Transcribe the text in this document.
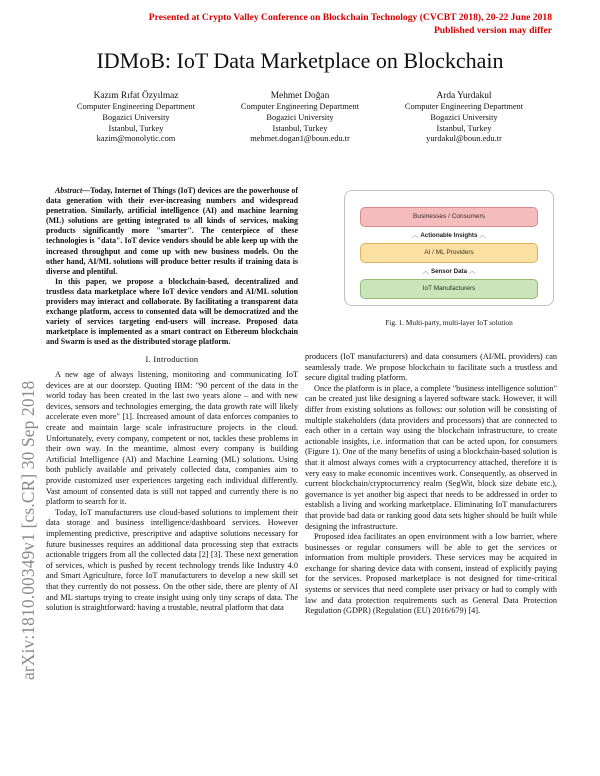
Presented at Crypto Valley Conference on Blockchain Technology (CVCBT 2018), 20-22 June 2018
Published version may differ
IDMoB: IoT Data Marketplace on Blockchain
Kazım Rıfat Özyılmaz
Computer Engineering Department
Bogazici University
Istanbul, Turkey
kazim@monolytic.com
Mehmet Doğan
Computer Engineering Department
Bogazici University
Istanbul, Turkey
mehmet.dogan1@boun.edu.tr
Arda Yurdakul
Computer Engineering Department
Bogazici University
Istanbul, Turkey
yurdakul@boun.edu.tr
arXiv:1810.00349v1 [cs.CR] 30 Sep 2018

Abstract—Today, Internet of Things (IoT) devices are the powerhouse of data generation with their ever-increasing numbers and widespread penetration. Similarly, artificial intelligence (AI) and machine learning (ML) solutions are getting integrated to all kinds of services, making products significantly more "smarter". The centerpiece of these technologies is "data". IoT device vendors should be able keep up with the increased throughput and come up with new business models. On the other hand, AI/ML solutions will produce better results if training data is diverse and plentiful.

In this paper, we propose a blockchain-based, decentralized and trustless data marketplace where IoT device vendors and AI/ML solution providers may interact and collaborate. By facilitating a transparent data exchange platform, access to consented data will be democratized and the variety of services targeting end-users will increase. Proposed data marketplace is implemented as a smart contract on Ethereum blockchain and Swarm is used as the distributed storage platform.

I. Introduction

A new age of always listening, monitoring and communicating IoT devices are at our doorstep. Quoting IBM: "90 percent of the data in the world today has been created in the last two years alone – and with new devices, sensors and technologies emerging, the data growth rate will likely accelerate even more" [1]. Increased amount of data enforces companies to create and maintain large scale infrastructure projects in the cloud. Unfortunately, every company, competent or not, tackles these problems in their own way. In the meantime, almost every company is building Artificial Intelligence (AI) and Machine Learning (ML) solutions. Using both publicly available and privately collected data, companies aim to provide customized user experiences targeting each individual differently. Vast amount of consented data is still not tapped and currently there is no platform to search for it.

Today, IoT manufacturers use cloud-based solutions to implement their data storage and business intelligence/dashboard services. However implementing predictive, prescriptive and adaptive solutions necessary for future businesses requires an additional data processing step that extracts actionable triggers from all the collected data [2] [3]. These next generation of services, which is pushed by recent technology trends like Industry 4.0 and Smart Agriculture, force IoT manufacturers to develop a new skill set that they currently do not possess. On the other side, there are plenty of AI and ML startups trying to create insight using only tiny scraps of data. The solution is straightforward: having a trustable, neutral platform that data

Businesses / Consumers
︿ Actionable Insights ︿
AI / ML Providers
︿ Sensor Data ︿
IoT Manufacturers
Fig. 1. Multi-party, multi-layer IoT solution

producers (IoT manufacturers) and data consumers (AI/ML providers) can seamlessly trade. We propose blockchain to facilitate such a trustless and secure digital trading platform.

Once the platform is in place, a complete "business intelligence solution" can be created just like designing a layered software stack. However, it will differ from existing solutions as follows: our solution will be consisting of multiple stakeholders (data providers and processors) that are connected to each other in a certain way using the blockchain infrastructure, to create actionable insights, i.e. information that can be acted upon, for consumers (Figure 1). One of the many benefits of using a blockchain-based solution is that it almost always comes with a cryptocurrency attached, therefore it is very easy to make economic incentives work. Consequently, as observed in current blockchain/cryptocurrency realm (SegWit, block size debate etc.), governance is yet another big aspect that needs to be addressed in order to establish a living and working marketplace. Eliminating IoT manufacturers that provide bad data or ranking good data sets higher should be built while designing the infrastructure.

Proposed idea facilitates an open environment with a low barrier, where businesses or regular consumers will be able to get the services or information from multiple providers. These services may be acquired in exchange for sharing device data with consent, instead of explicitly paying for the services. Proposed marketplace is not designed for time-critical systems or services that need complete user privacy or had to comply with law and data protection requirements such as General Data Protection Regulation (GDPR) (Regulation (EU) 2016/679) [4].
